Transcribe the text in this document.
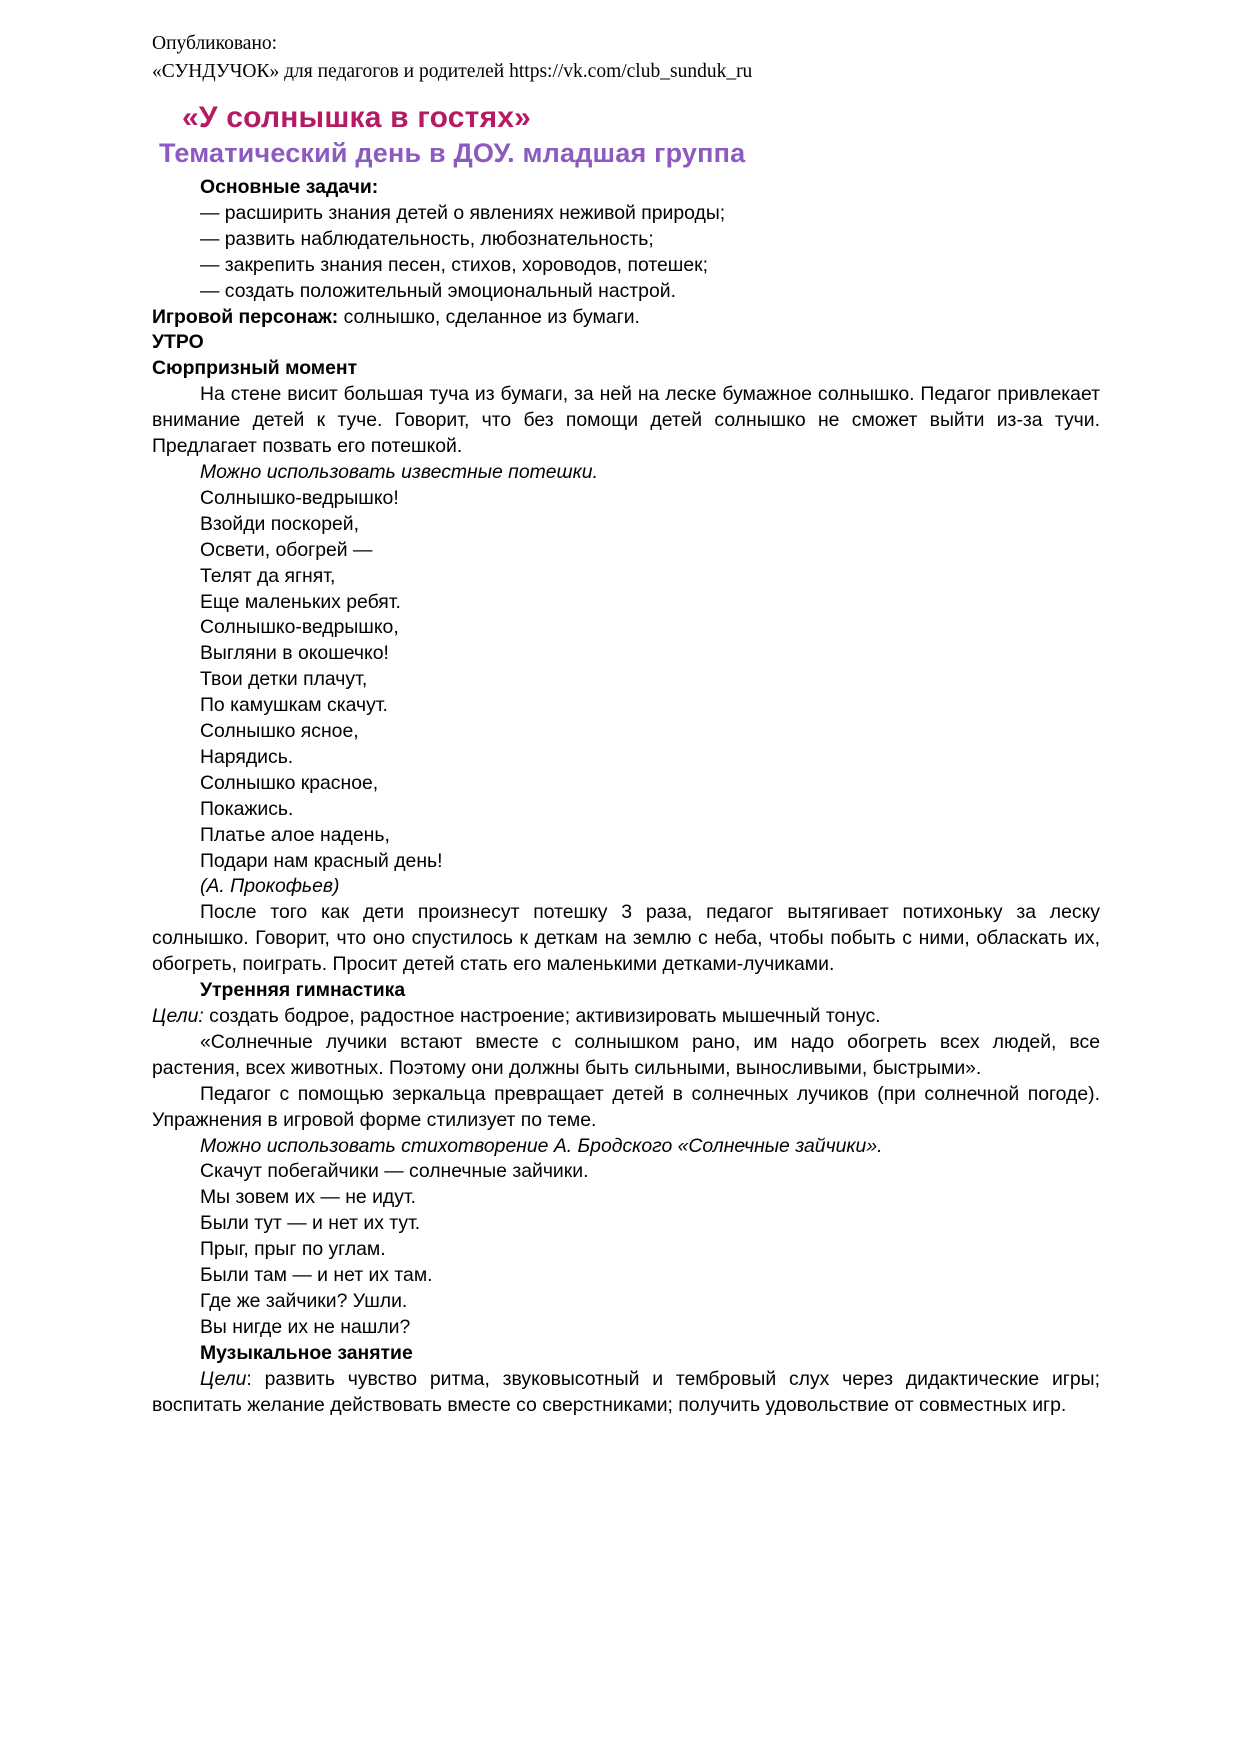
Опубликовано:
«СУНДУЧОК» для педагогов и родителей https://vk.com/club_sunduk_ru
«У солнышка в гостях»
Тематический день в ДОУ. младшая группа
Основные задачи:
— расширить знания детей о явлениях неживой природы;
— развить наблюдательность, любознательность;
— закрепить знания песен, стихов, хороводов, потешек;
— создать положительный эмоциональный настрой.
Игровой персонаж: солнышко, сделанное из бумаги.
УТРО
Сюрпризный момент

На стене висит большая туча из бумаги, за ней на леске бумажное солнышко. Педагог привлекает внимание детей к туче. Говорит, что без помощи детей солнышко не сможет выйти из-за тучи. Предлагает позвать его потешкой.

Можно использовать известные потешки.
Солнышко-ведрышко!
Взойди поскорей,
Освети, обогрей —
Телят да ягнят,
Еще маленьких ребят.
Солнышко-ведрышко,
Выгляни в окошечко!
Твои детки плачут,
По камушкам скачут.
Солнышко ясное,
Нарядись.
Солнышко красное,
Покажись.
Платье алое надень,
Подари нам красный день!
(А. Прокофьев)

После того как дети произнесут потешку 3 раза, педагог вытягивает потихоньку за леску солнышко. Говорит, что оно спустилось к деткам на землю с неба, чтобы побыть с ними, обласкать их, обогреть, поиграть. Просит детей стать его маленькими детками-лучиками.

Утренняя гимнастика
Цели: создать бодрое, радостное настроение; активизировать мышечный тонус.

«Солнечные лучики встают вместе с солнышком рано, им надо обогреть всех людей, все растения, всех животных. Поэтому они должны быть сильными, выносливыми, быстрыми».

Педагог с помощью зеркальца превращает детей в солнечных лучиков (при солнечной погоде). Упражнения в игровой форме стилизует по теме.

Можно использовать стихотворение А. Бродского «Солнечные зайчики».
Скачут побегайчики — солнечные зайчики.
Мы зовем их — не идут.
Были тут — и нет их тут.
Прыг, прыг по углам.
Были там — и нет их там.
Где же зайчики? Ушли.
Вы нигде их не нашли?
Музыкальное занятие

Цели: развить чувство ритма, звуковысотный и тембровый слух через дидактические игры; воспитать желание действовать вместе со сверстниками; получить удовольствие от совместных игр.
